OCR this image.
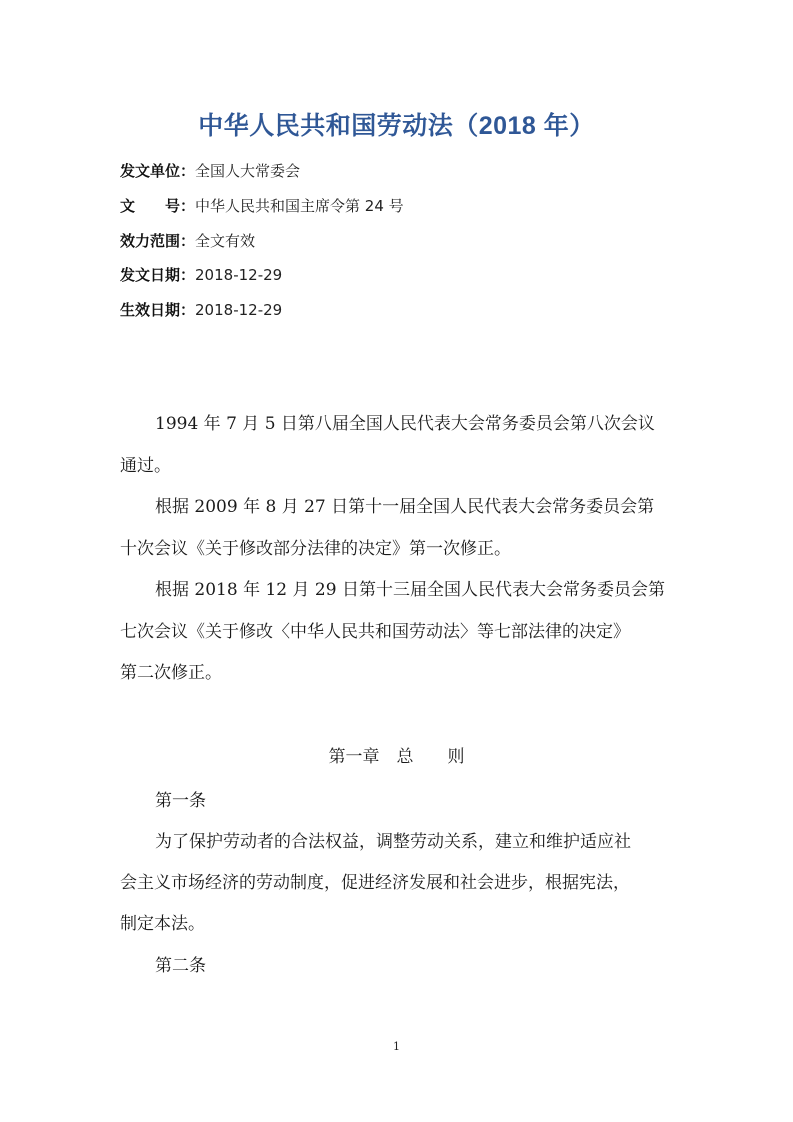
中华人民共和国劳动法（2018 年）
发文单位：全国人大常委会
文　　号：中华人民共和国主席令第 24 号
效力范围：全文有效
发文日期：2018-12-29
生效日期：2018-12-29
1994 年 7 月 5 日第八届全国人民代表大会常务委员会第八次会议
通过。
根据 2009 年 8 月 27 日第十一届全国人民代表大会常务委员会第
十次会议《关于修改部分法律的决定》第一次修正。
根据 2018 年 12 月 29 日第十三届全国人民代表大会常务委员会第
七次会议《关于修改〈中华人民共和国劳动法〉等七部法律的决定》
第二次修正。
第一章　总　　则
第一条
为了保护劳动者的合法权益，调整劳动关系，建立和维护适应社
会主义市场经济的劳动制度，促进经济发展和社会进步，根据宪法，
制定本法。
第二条
1
